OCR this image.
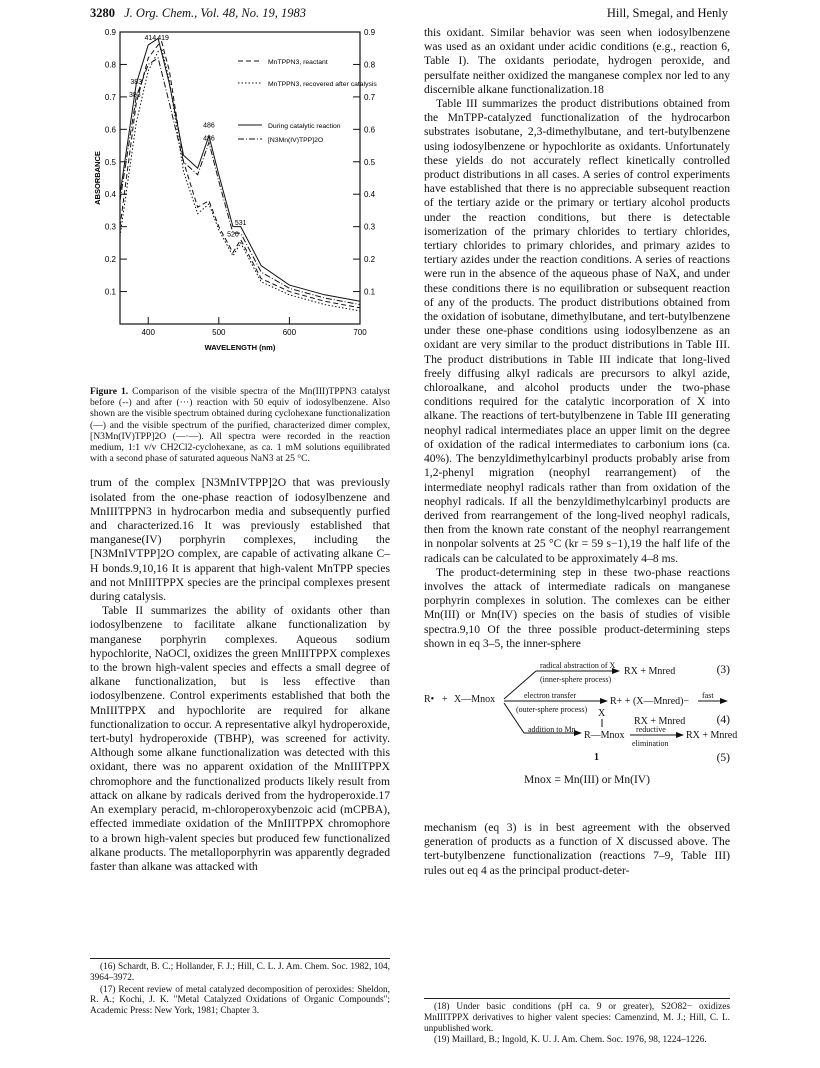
3280 J. Org. Chem., Vol. 48, No. 19, 1983	Hill, Smegal, and Henly
0.9	0.9
0.8	0.8
0.7	0.7
0.6	0.6
0.5	0.5
0.4	0.4
0.3	0.3
0.2	0.2
0.1	0.1
400	500	600	700
WAVELENGTH (nm)
ABSORBANCE
414 419
383
383
486
486
531
520
MnTPPN3, reactant
MnTPPN3, recovered after catalysis
During catalytic reaction
[N3Mn(IV)TPP]2O
Figure 1. Comparison of the visible spectra of the Mn(III)TPPN3 catalyst before (--) and after (···) reaction with 50 equiv of iodosylbenzene. Also shown are the visible spectrum obtained during cyclohexane functionalization (—) and the visible spectrum of the purified, characterized dimer complex, [N3Mn(IV)TPP]2O (—·—). All spectra were recorded in the reaction medium, 1:1 v/v CH2Cl2-cyclohexane, as ca. 1 mM solutions equilibrated with a second phase of saturated aqueous NaN3 at 25 °C.

trum of the complex [N3MnIVTPP]2O that was previously isolated from the one-phase reaction of iodosylbenzene and MnIIITPPN3 in hydrocarbon media and subsequently purfied and characterized.16 It was previously established that manganese(IV) porphyrin complexes, including the [N3MnIVTPP]2O complex, are capable of activating alkane C–H bonds.9,10,16 It is apparent that high-valent MnTPP species and not MnIIITPPX species are the principal complexes present during catalysis.

Table II summarizes the ability of oxidants other than iodosylbenzene to facilitate alkane functionalization by manganese porphyrin complexes. Aqueous sodium hypochlorite, NaOCl, oxidizes the green MnIIITPPX complexes to the brown high-valent species and effects a small degree of alkane functionalization, but is less effective than iodosylbenzene. Control experiments established that both the MnIIITPPX and hypochlorite are required for alkane functionalization to occur. A representative alkyl hydroperoxide, tert-butyl hydroperoxide (TBHP), was screened for activity. Although some alkane functionalization was detected with this oxidant, there was no apparent oxidation of the MnIIITPPX chromophore and the functionalized products likely result from attack on alkane by radicals derived from the hydroperoxide.17 An exemplary peracid, m-chloroperoxybenzoic acid (mCPBA), effected immediate oxidation of the MnIIITPPX chromophore to a brown high-valent species but produced few functionalized alkane products. The metalloporphyrin was apparently degraded faster than alkane was attacked with

(16) Schardt, B. C.; Hollander, F. J.; Hill, C. L. J. Am. Chem. Soc. 1982, 104, 3964–3972.

(17) Recent review of metal catalyzed decomposition of peroxides: Sheldon, R. A.; Kochi, J. K. "Metal Catalyzed Oxidations of Organic Compounds"; Academic Press: New York, 1981; Chapter 3.

this oxidant. Similar behavior was seen when iodosylbenzene was used as an oxidant under acidic conditions (e.g., reaction 6, Table I). The oxidants periodate, hydrogen peroxide, and persulfate neither oxidized the manganese complex nor led to any discernible alkane functionalization.18

Table III summarizes the product distributions obtained from the MnTPP-catalyzed functionalization of the hydrocarbon substrates isobutane, 2,3-dimethylbutane, and tert-butylbenzene using iodosylbenzene or hypochlorite as oxidants. Unfortunately these yields do not accurately reflect kinetically controlled product distributions in all cases. A series of control experiments have established that there is no appreciable subsequent reaction of the tertiary azide or the primary or tertiary alcohol products under the reaction conditions, but there is detectable isomerization of the primary chlorides to tertiary chlorides, tertiary chlorides to primary chlorides, and primary azides to tertiary azides under the reaction conditions. A series of reactions were run in the absence of the aqueous phase of NaX, and under these conditions there is no equilibration or subsequent reaction of any of the products. The product distributions obtained from the oxidation of isobutane, dimethylbutane, and tert-butylbenzene under these one-phase conditions using iodosylbenzene as an oxidant are very similar to the product distributions in Table III. The product distributions in Table III indicate that long-lived freely diffusing alkyl radicals are precursors to alkyl azide, chloroalkane, and alcohol products under the two-phase conditions required for the catalytic incorporation of X into alkane. The reactions of tert-butylbenzene in Table III generating neophyl radical intermediates place an upper limit on the degree of oxidation of the radical intermediates to carbonium ions (ca. 40%). The benzyldimethylcarbinyl products probably arise from 1,2-phenyl migration (neophyl rearrangement) of the intermediate neophyl radicals rather than from oxidation of the neophyl radicals. If all the benzyldimethylcarbinyl products are derived from rearrangement of the long-lived neophyl radicals, then from the known rate constant of the neophyl rearrangement in nonpolar solvents at 25 °C (kr = 59 s−1),19 the half life of the radicals can be calculated to be approximately 4–8 ms.

The product-determining step in these two-phase reactions involves the attack of intermediate radicals on manganese porphyrin complexes in solution. The comlexes can be either Mn(III) or Mn(IV) species on the basis of studies of visible spectra.9,10 Of the three possible product-determining steps shown in eq 3–5, the inner-sphere

R• + X—Mnox
radical abstraction of X
(inner-sphere process)
RX + Mnred	(3)
electron transfer
(outer-sphere process)
R+ + (X—Mnred)−
fast
RX + Mnred	(4)
addition to Mn
X
R—Mnox
reductive
elimination
RX + Mnred
1	(5)
Mnox = Mn(III) or Mn(IV)

mechanism (eq 3) is in best agreement with the observed generation of products as a function of X discussed above. The tert-butylbenzene functionalization (reactions 7–9, Table III) rules out eq 4 as the principal product-deter-

(18) Under basic conditions (pH ca. 9 or greater), S2O82− oxidizes MnIIITPPX derivatives to higher valent species: Camenzind, M. J.; Hill, C. L. unpublished work.

(19) Maillard, B.; Ingold, K. U. J. Am. Chem. Soc. 1976, 98, 1224–1226.
